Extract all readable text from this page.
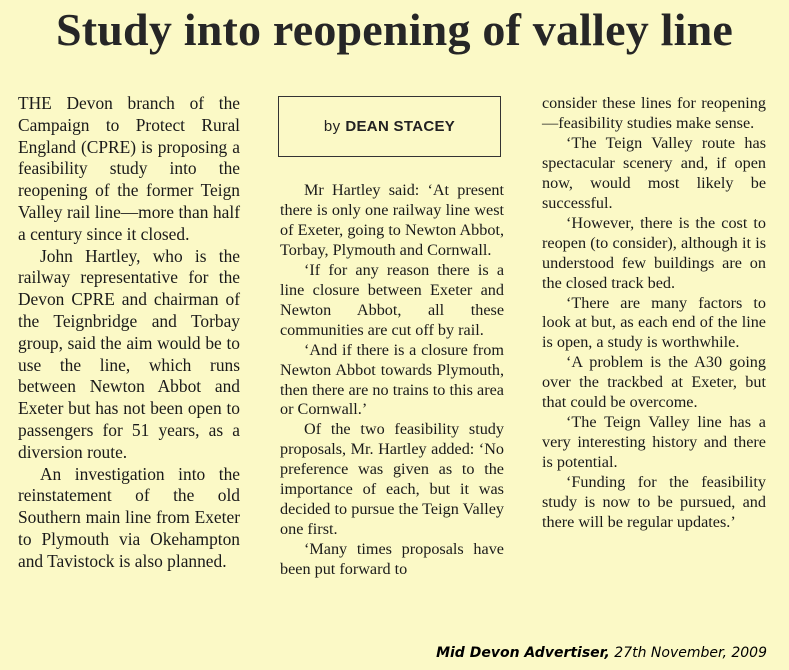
Study into reopening of valley line

THE Devon branch of the Campaign to Protect Rural England (CPRE) is proposing a feasibility study into the reopening of the former Teign Valley rail line—more than half a century since it closed.

John Hartley, who is the railway representative for the Devon CPRE and chairman of the Teignbridge and Torbay group, said the aim would be to use the line, which runs between Newton Abbot and Exeter but has not been open to passengers for 51 years, as a diversion route.

An investigation into the reinstatement of the old Southern main line from Exeter to Plymouth via Okehampton and Tavistock is also planned.

by DEAN STACEY

Mr Hartley said: ‘At present there is only one railway line west of Exeter, going to Newton Abbot, Torbay, Plymouth and Cornwall.

‘If for any reason there is a line closure between Exeter and Newton Abbot, all these communities are cut off by rail.

‘And if there is a closure from Newton Abbot towards Plymouth, then there are no trains to this area or Cornwall.’

Of the two feasibility study proposals, Mr. Hartley added: ‘No preference was given as to the importance of each, but it was decided to pursue the Teign Valley one first.

‘Many times proposals have been put forward to

consider these lines for reopening—feasibility studies make sense.

‘The Teign Valley route has spectacular scenery and, if open now, would most likely be successful.

‘However, there is the cost to reopen (to consider), although it is understood few buildings are on the closed track bed.

‘There are many factors to look at but, as each end of the line is open, a study is worthwhile.

‘A problem is the A30 going over the trackbed at Exeter, but that could be overcome.

‘The Teign Valley line has a very interesting history and there is potential.

‘Funding for the feasibility study is now to be pursued, and there will be regular updates.’

Mid Devon Advertiser, 27th November, 2009
